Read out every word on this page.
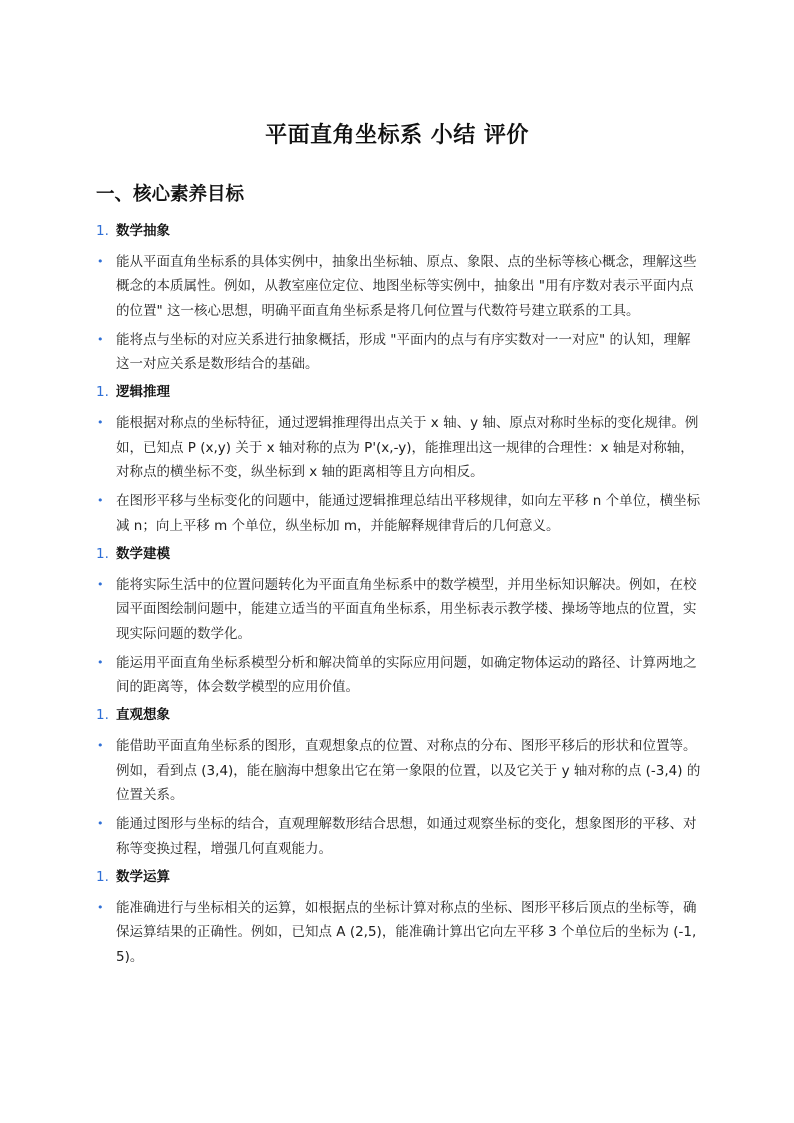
平面直角坐标系 小结 评价
一、核心素养目标
1. 数学抽象
• 能从平面直角坐标系的具体实例中，抽象出坐标轴、原点、象限、点的坐标等核心概念，理解这些概念的本质属性。例如，从教室座位定位、地图坐标等实例中，抽象出 "用有序数对表示平面内点的位置" 这一核心思想，明确平面直角坐标系是将几何位置与代数符号建立联系的工具。
• 能将点与坐标的对应关系进行抽象概括，形成 "平面内的点与有序实数对一一对应" 的认知，理解这一对应关系是数形结合的基础。
1. 逻辑推理
• 能根据对称点的坐标特征，通过逻辑推理得出点关于 x 轴、y 轴、原点对称时坐标的变化规律。例如，已知点 P (x,y) 关于 x 轴对称的点为 P'(x,-y)，能推理出这一规律的合理性：x 轴是对称轴，对称点的横坐标不变，纵坐标到 x 轴的距离相等且方向相反。
• 在图形平移与坐标变化的问题中，能通过逻辑推理总结出平移规律，如向左平移 n 个单位，横坐标减 n；向上平移 m 个单位，纵坐标加 m，并能解释规律背后的几何意义。
1. 数学建模
• 能将实际生活中的位置问题转化为平面直角坐标系中的数学模型，并用坐标知识解决。例如，在校园平面图绘制问题中，能建立适当的平面直角坐标系，用坐标表示教学楼、操场等地点的位置，实现实际问题的数学化。
• 能运用平面直角坐标系模型分析和解决简单的实际应用问题，如确定物体运动的路径、计算两地之间的距离等，体会数学模型的应用价值。
1. 直观想象
• 能借助平面直角坐标系的图形，直观想象点的位置、对称点的分布、图形平移后的形状和位置等。例如，看到点 (3,4)，能在脑海中想象出它在第一象限的位置，以及它关于 y 轴对称的点 (-3,4) 的位置关系。
• 能通过图形与坐标的结合，直观理解数形结合思想，如通过观察坐标的变化，想象图形的平移、对称等变换过程，增强几何直观能力。
1. 数学运算
• 能准确进行与坐标相关的运算，如根据点的坐标计算对称点的坐标、图形平移后顶点的坐标等，确保运算结果的正确性。例如，已知点 A (2,5)，能准确计算出它向左平移 3 个单位后的坐标为 (-1,5)。
